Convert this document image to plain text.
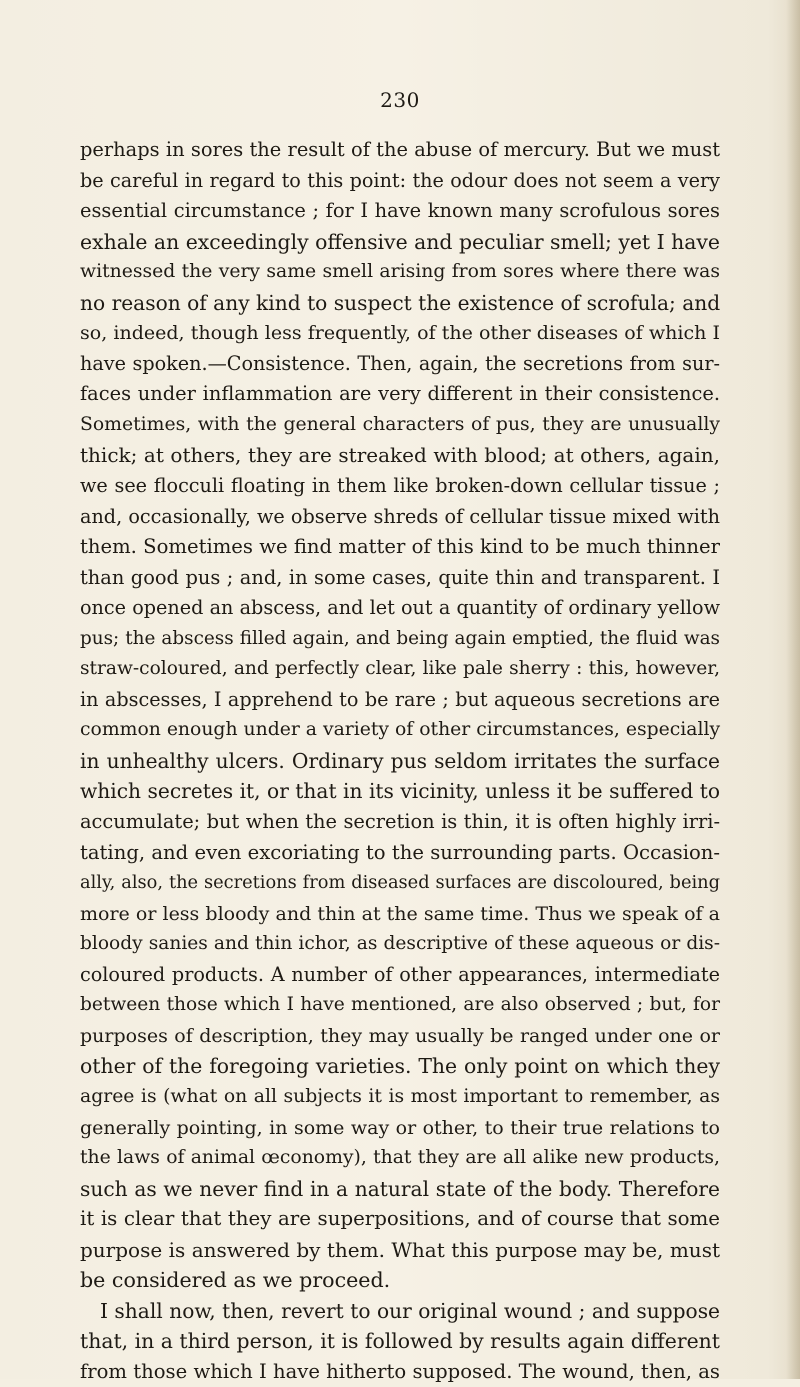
230
perhaps in sores the result of the abuse of mercury. But we must
be careful in regard to this point: the odour does not seem a very
essential circumstance ; for I have known many scrofulous sores
exhale an exceedingly offensive and peculiar smell; yet I have
witnessed the very same smell arising from sores where there was
no reason of any kind to suspect the existence of scrofula; and
so, indeed, though less frequently, of the other diseases of which I
have spoken.—Consistence. Then, again, the secretions from sur-
faces under inflammation are very different in their consistence.
Sometimes, with the general characters of pus, they are unusually
thick; at others, they are streaked with blood; at others, again,
we see flocculi floating in them like broken-down cellular tissue ;
and, occasionally, we observe shreds of cellular tissue mixed with
them. Sometimes we find matter of this kind to be much thinner
than good pus ; and, in some cases, quite thin and transparent. I
once opened an abscess, and let out a quantity of ordinary yellow
pus; the abscess filled again, and being again emptied, the fluid was
straw-coloured, and perfectly clear, like pale sherry : this, however,
in abscesses, I apprehend to be rare ; but aqueous secretions are
common enough under a variety of other circumstances, especially
in unhealthy ulcers. Ordinary pus seldom irritates the surface
which secretes it, or that in its vicinity, unless it be suffered to
accumulate; but when the secretion is thin, it is often highly irri-
tating, and even excoriating to the surrounding parts. Occasion-
ally, also, the secretions from diseased surfaces are discoloured, being
more or less bloody and thin at the same time. Thus we speak of a
bloody sanies and thin ichor, as descriptive of these aqueous or dis-
coloured products. A number of other appearances, intermediate
between those which I have mentioned, are also observed ; but, for
purposes of description, they may usually be ranged under one or
other of the foregoing varieties. The only point on which they
agree is (what on all subjects it is most important to remember, as
generally pointing, in some way or other, to their true relations to
the laws of animal œconomy), that they are all alike new products,
such as we never find in a natural state of the body. Therefore
it is clear that they are superpositions, and of course that some
purpose is answered by them. What this purpose may be, must
be considered as we proceed.
I shall now, then, revert to our original wound ; and suppose
that, in a third person, it is followed by results again different
from those which I have hitherto supposed. The wound, then, as
